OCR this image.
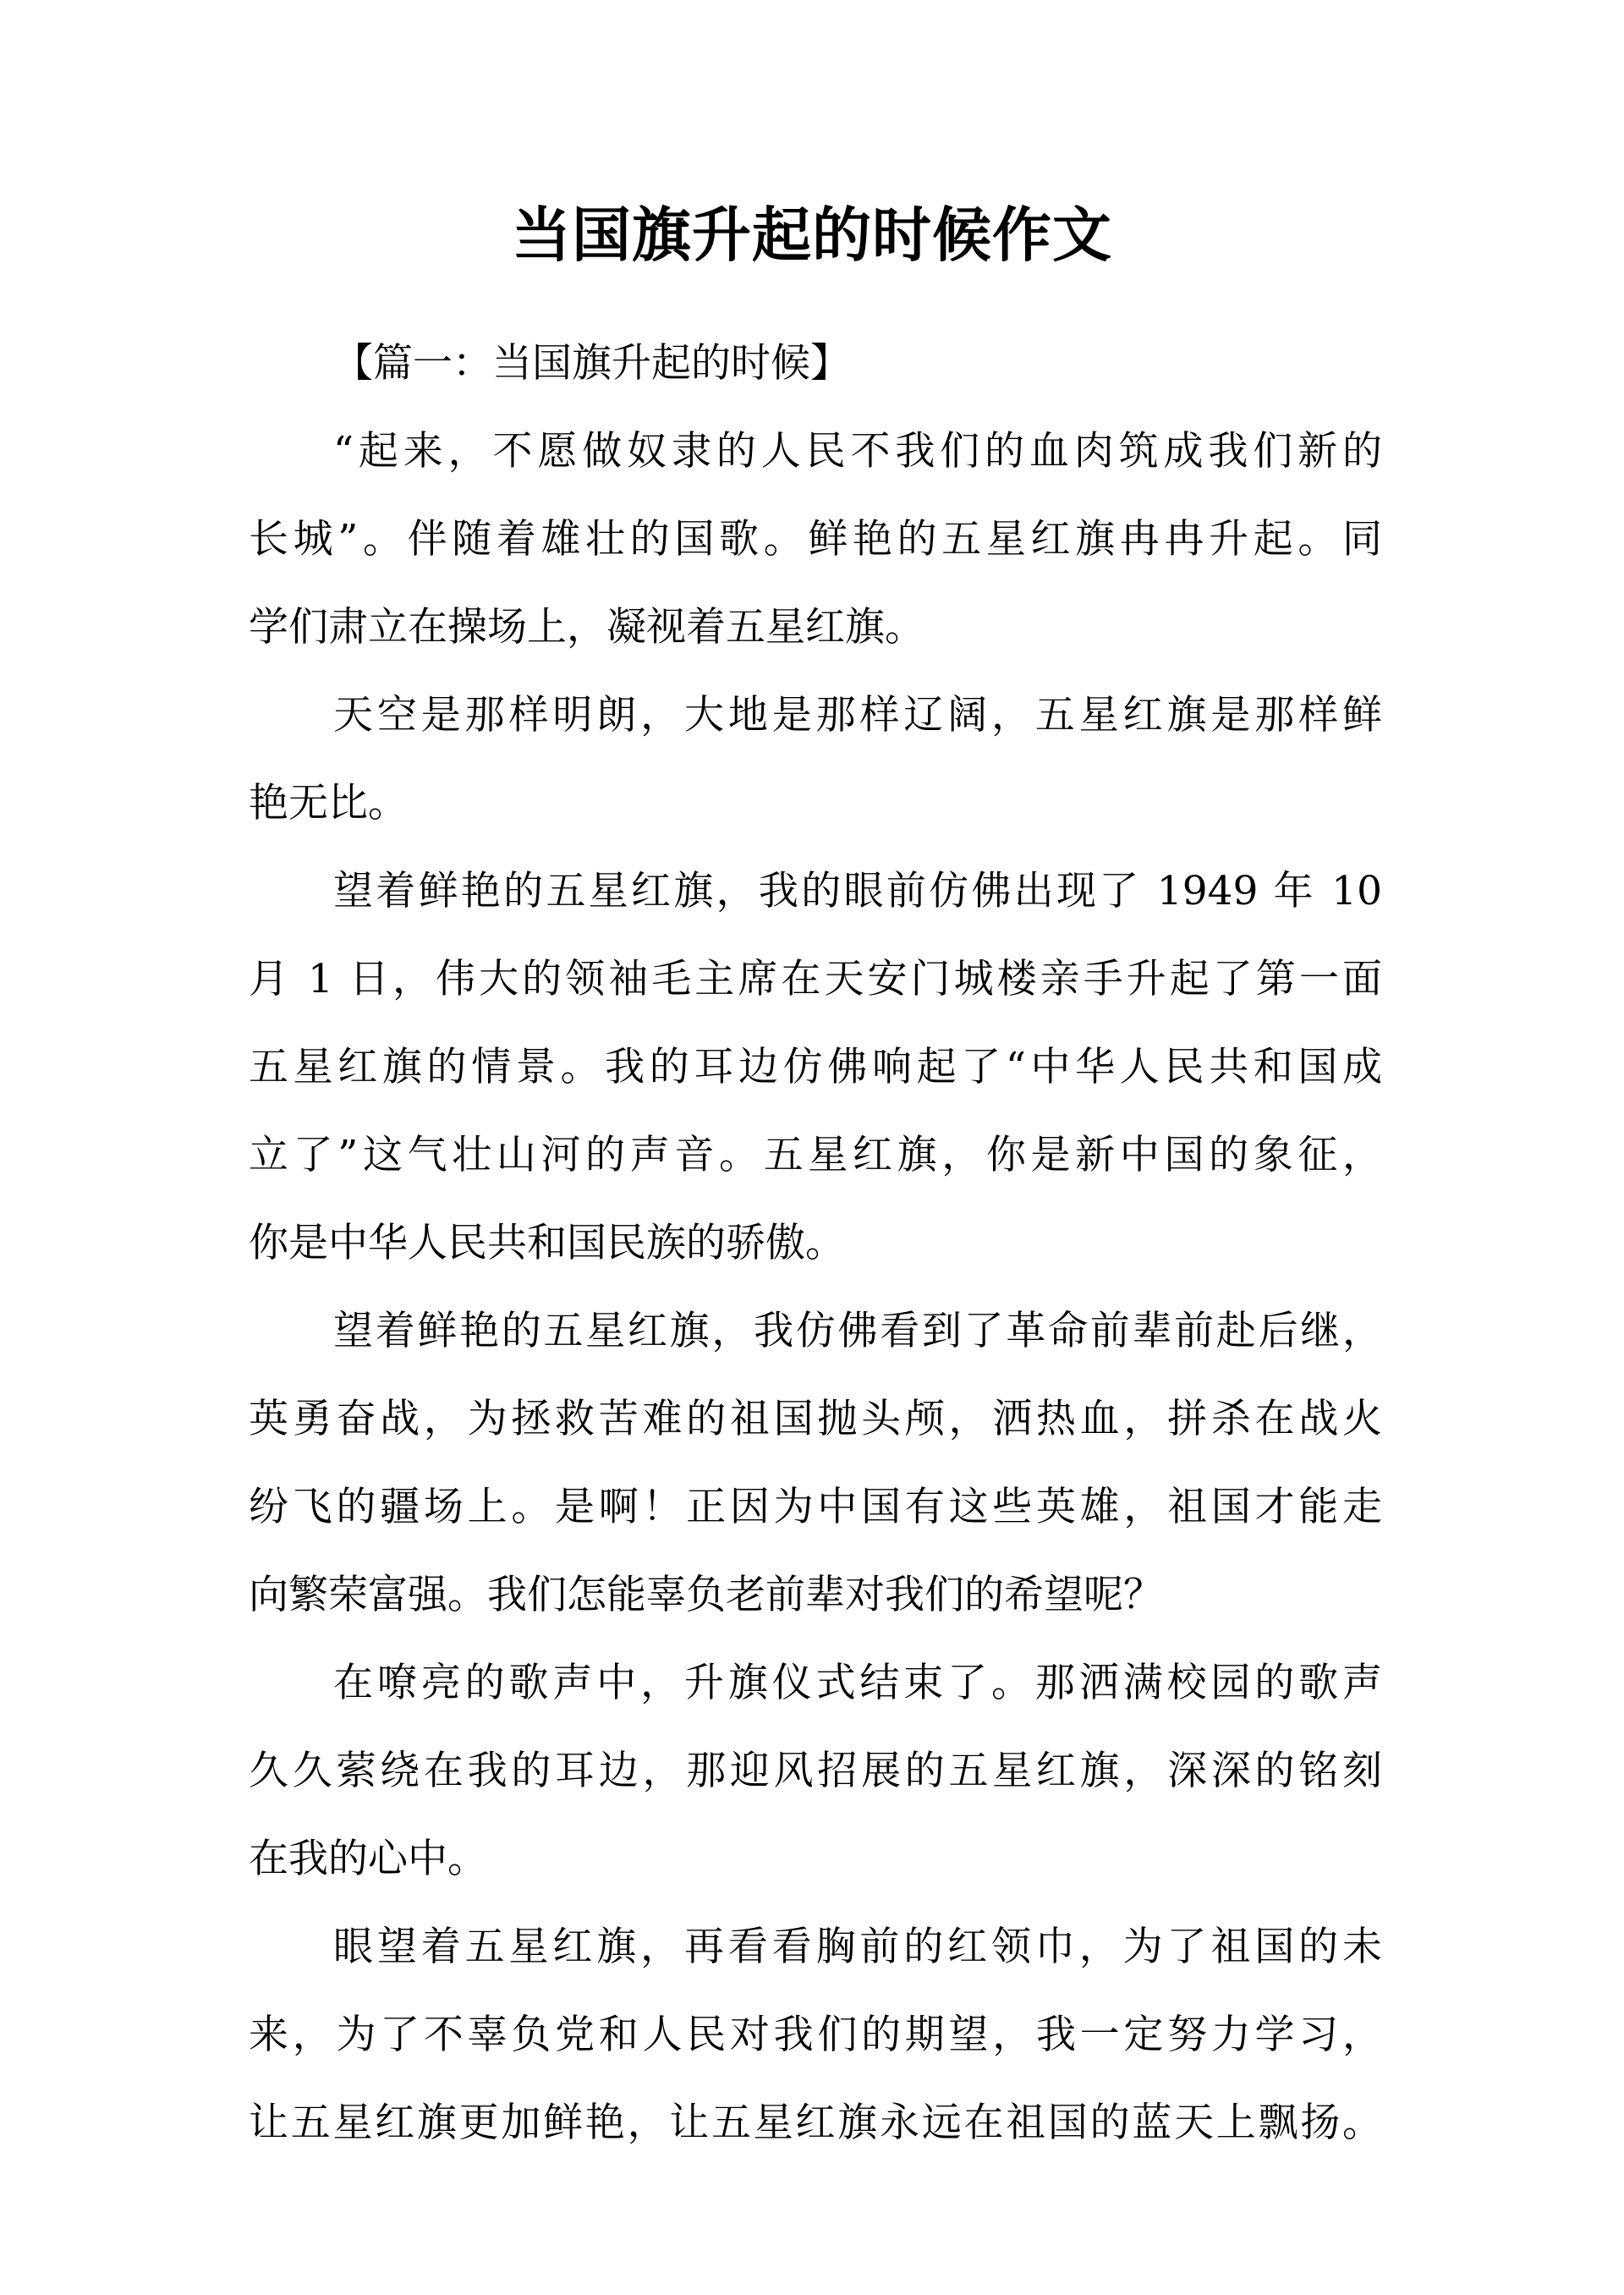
当国旗升起的时候作文

【篇一：当国旗升起的时候】

“起来，不愿做奴隶的人民不我们的血肉筑成我们新的
长城”。伴随着雄壮的国歌。鲜艳的五星红旗冉冉升起。同
学们肃立在操场上，凝视着五星红旗。
天空是那样明朗，大地是那样辽阔，五星红旗是那样鲜
艳无比。
望着鲜艳的五星红旗，我的眼前仿佛出现了 1949 年 10
月 1 日，伟大的领袖毛主席在天安门城楼亲手升起了第一面
五星红旗的情景。我的耳边仿佛响起了“中华人民共和国成
立了”这气壮山河的声音。五星红旗，你是新中国的象征，
你是中华人民共和国民族的骄傲。
望着鲜艳的五星红旗，我仿佛看到了革命前辈前赴后继，
英勇奋战，为拯救苦难的祖国抛头颅，洒热血，拼杀在战火
纷飞的疆场上。是啊！正因为中国有这些英雄，祖国才能走
向繁荣富强。我们怎能辜负老前辈对我们的希望呢？
在嘹亮的歌声中，升旗仪式结束了。那洒满校园的歌声
久久萦绕在我的耳边，那迎风招展的五星红旗，深深的铭刻
在我的心中。
眼望着五星红旗，再看看胸前的红领巾，为了祖国的未
来，为了不辜负党和人民对我们的期望，我一定努力学习，
让五星红旗更加鲜艳，让五星红旗永远在祖国的蓝天上飘扬。
